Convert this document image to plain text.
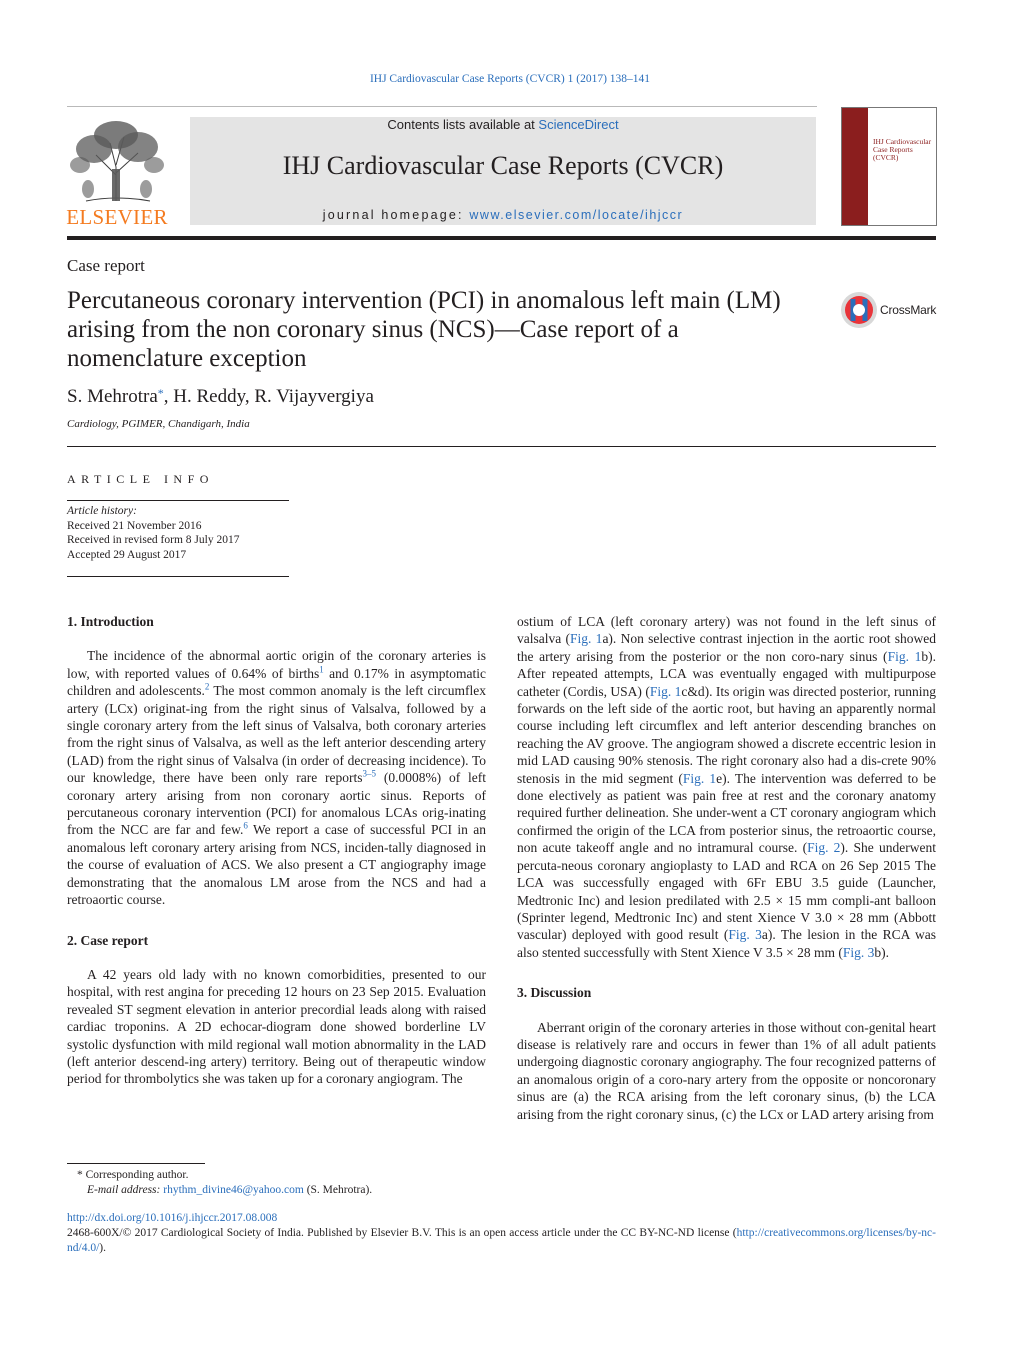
IHJ Cardiovascular Case Reports (CVCR) 1 (2017) 138–141
ELSEVIER
Contents lists available at ScienceDirect
IHJ Cardiovascular Case Reports (CVCR)
journal homepage: www.elsevier.com/locate/ihjccr
IHJ Cardiovascular Case Reports (CVCR)
Case report
Percutaneous coronary intervention (PCI) in anomalous left main (LM) arising from the non coronary sinus (NCS)—Case report of a nomenclature exception
CrossMark
S. Mehrotra*, H. Reddy, R. Vijayvergiya
Cardiology, PGIMER, Chandigarh, India
ARTICLE INFO
Article history:
Received 21 November 2016
Received in revised form 8 July 2017
Accepted 29 August 2017
1. Introduction

The incidence of the abnormal aortic origin of the coronary arteries is low, with reported values of 0.64% of births$^1$ and 0.17% in asymptomatic children and adolescents.$^2$ The most common anomaly is the left circumflex artery (LCx) originat-ing from the right sinus of Valsalva, followed by a single coronary artery from the left sinus of Valsalva, both coronary arteries from the right sinus of Valsalva, as well as the left anterior descending artery (LAD) from the right sinus of Valsalva (in order of decreasing incidence). To our knowledge, there have been only rare reports$^{3-5}$ (0.0008%) of left coronary artery arising from non coronary aortic sinus. Reports of percutaneous coronary intervention (PCI) for anomalous LCAs orig-inating from the NCC are far and few.$^6$ We report a case of successful PCI in an anomalous left coronary artery arising from NCS, inciden-tally diagnosed in the course of evaluation of ACS. We also present a CT angiography image demonstrating that the anomalous LM arose from the NCS and had a retroaortic course.

2. Case report

A 42 years old lady with no known comorbidities, presented to our hospital, with rest angina for preceding 12 hours on 23 Sep 2015. Evaluation revealed ST segment elevation in anterior precordial leads along with raised cardiac troponins. A 2D echocar-diogram done showed borderline LV systolic dysfunction with mild regional wall motion abnormality in the LAD (left anterior descend-ing artery) territory. Being out of therapeutic window period for thrombolytics she was taken up for a coronary angiogram. The

ostium of LCA (left coronary artery) was not found in the left sinus of valsalva (Fig. 1a). Non selective contrast injection in the aortic root showed the artery arising from the posterior or the non coro-nary sinus (Fig. 1b). After repeated attempts, LCA was eventually engaged with multipurpose catheter (Cordis, USA) (Fig. 1c&d). Its origin was directed posterior, running forwards on the left side of the aortic root, but having an apparently normal course including left circumflex and left anterior descending branches on reaching the AV groove. The angiogram showed a discrete eccentric lesion in mid LAD causing 90% stenosis. The right coronary also had a dis-crete 90% stenosis in the mid segment (Fig. 1e). The intervention was deferred to be done electively as patient was pain free at rest and the coronary anatomy required further delineation. She under-went a CT coronary angiogram which confirmed the origin of the LCA from posterior sinus, the retroaortic course, non acute takeoff angle and no intramural course. (Fig. 2). She underwent percuta-neous coronary angioplasty to LAD and RCA on 26 Sep 2015 The LCA was successfully engaged with 6Fr EBU 3.5 guide (Launcher, Medtronic Inc) and lesion predilated with 2.5 × 15 mm compli-ant balloon (Sprinter legend, Medtronic Inc) and stent Xience V 3.0 × 28 mm (Abbott vascular) deployed with good result (Fig. 3a). The lesion in the RCA was also stented successfully with Stent Xience V 3.5 × 28 mm (Fig. 3b).

3. Discussion

Aberrant origin of the coronary arteries in those without con-genital heart disease is relatively rare and occurs in fewer than 1% of all adult patients undergoing diagnostic coronary angiography. The four recognized patterns of an anomalous origin of a coro-nary artery from the opposite or noncoronary sinus are (a) the RCA arising from the left coronary sinus, (b) the LCA arising from the right coronary sinus, (c) the LCx or LAD artery arising from

* Corresponding author.
E-mail address: rhythm_divine46@yahoo.com (S. Mehrotra).
http://dx.doi.org/10.1016/j.ihjccr.2017.08.008
2468-600X/© 2017 Cardiological Society of India. Published by Elsevier B.V. This is an open access article under the CC BY-NC-ND license (http://creativecommons.org/licenses/by-nc-nd/4.0/).
